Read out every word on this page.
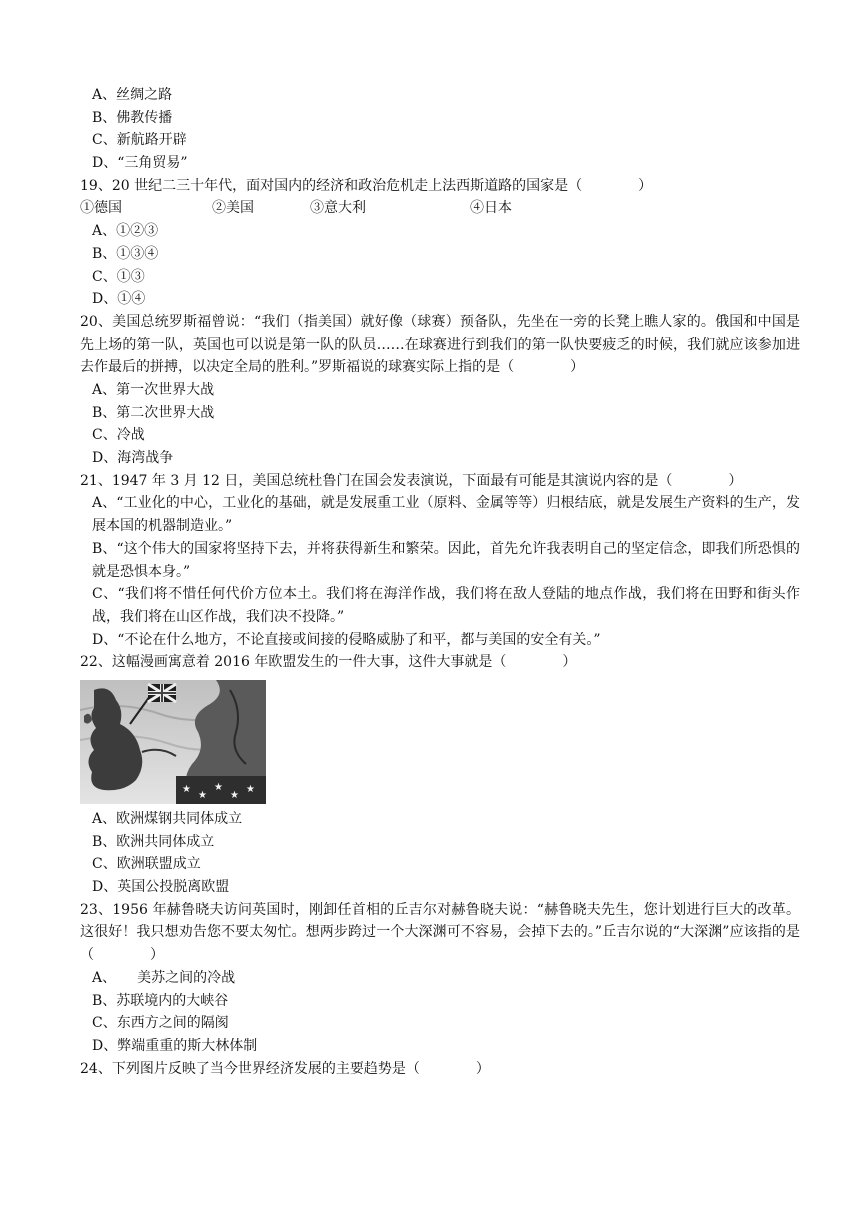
A、丝绸之路
B、佛教传播
C、新航路开辟
D、“三角贸易”
19、20 世纪二三十年代，面对国内的经济和政治危机走上法西斯道路的国家是（　　　　）
①德国	②美国	③意大利	④日本
A、①②③
B、①③④
C、①③
D、①④
20、美国总统罗斯福曾说：“我们（指美国）就好像（球赛）预备队，先坐在一旁的长凳上瞧人家的。俄国和中国是先上场的第一队，英国也可以说是第一队的队员……在球赛进行到我们的第一队快要疲乏的时候，我们就应该参加进去作最后的拼搏，以决定全局的胜利。”罗斯福说的球赛实际上指的是（　　　　）
A、第一次世界大战
B、第二次世界大战
C、冷战
D、海湾战争
21、1947 年 3 月 12 日，美国总统杜鲁门在国会发表演说，下面最有可能是其演说内容的是（　　　　）
A、“工业化的中心，工业化的基础，就是发展重工业（原料、金属等等）归根结底，就是发展生产资料的生产，发展本国的机器制造业。”
B、“这个伟大的国家将坚持下去，并将获得新生和繁荣。因此，首先允许我表明自己的坚定信念，即我们所恐惧的就是恐惧本身。”
C、“我们将不惜任何代价方位本土。我们将在海洋作战，我们将在敌人登陆的地点作战，我们将在田野和街头作战，我们将在山区作战，我们决不投降。”
D、“不论在什么地方，不论直接或间接的侵略威胁了和平，都与美国的安全有关。”
22、这幅漫画寓意着 2016 年欧盟发生的一件大事，这件大事就是（　　　　）
★
★
★
★
★
A、欧洲煤钢共同体成立
B、欧洲共同体成立
C、欧洲联盟成立
D、英国公投脱离欧盟
23、1956 年赫鲁晓夫访问英国时，刚卸任首相的丘吉尔对赫鲁晓夫说：“赫鲁晓夫先生，您计划进行巨大的改革。这很好！我只想劝告您不要太匆忙。想两步跨过一个大深渊可不容易，会掉下去的。”丘吉尔说的“大深渊”应该指的是（　　　　）
A、　　美苏之间的冷战
B、苏联境内的大峡谷
C、东西方之间的隔阂
D、弊端重重的斯大林体制
24、下列图片反映了当今世界经济发展的主要趋势是（　　　　）
